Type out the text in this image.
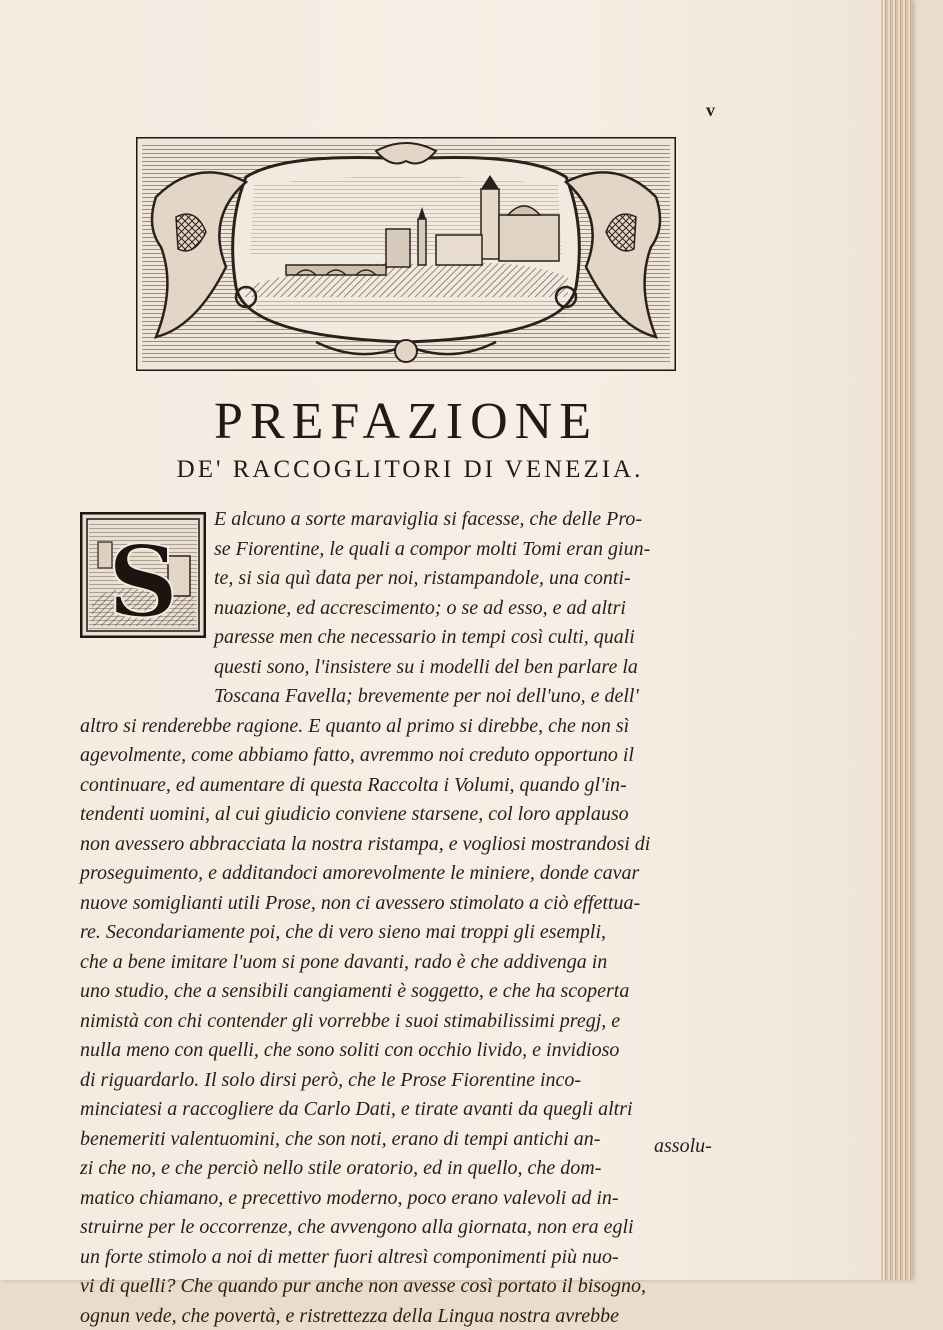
v
PREFAZIONE
DE' RACCOGLITORI DI VENEZIA.
S
E alcuno a sorte maraviglia si facesse, che delle Pro-
se Fiorentine, le quali a compor molti Tomi eran giun-
te, si sia quì data per noi, ristampandole, una conti-
nuazione, ed accrescimento; o se ad esso, e ad altri
paresse men che necessario in tempi così culti, quali
questi sono, l'insistere su i modelli del ben parlare la
Toscana Favella; brevemente per noi dell'uno, e dell'
altro si renderebbe ragione. E quanto al primo si direbbe, che non sì
agevolmente, come abbiamo fatto, avremmo noi creduto opportuno il
continuare, ed aumentare di questa Raccolta i Volumi, quando gl'in-
tendenti uomini, al cui giudicio conviene starsene, col loro applauso
non avessero abbracciata la nostra ristampa, e vogliosi mostrandosi di
proseguimento, e additandoci amorevolmente le miniere, donde cavar
nuove somiglianti utili Prose, non ci avessero stimolato a ciò effettua-
re. Secondariamente poi, che di vero sieno mai troppi gli esempli,
che a bene imitare l'uom si pone davanti, rado è che addivenga in
uno studio, che a sensibili cangiamenti è soggetto, e che ha scoperta
nimistà con chi contender gli vorrebbe i suoi stimabilissimi pregj, e
nulla meno con quelli, che sono soliti con occhio livido, e invidioso
di riguardarlo. Il solo dirsi però, che le Prose Fiorentine inco-
minciatesi a raccogliere da Carlo Dati, e tirate avanti da quegli altri
benemeriti valentuomini, che son noti, erano di tempi antichi an-
zi che no, e che perciò nello stile oratorio, ed in quello, che dom-
matico chiamano, e precettivo moderno, poco erano valevoli ad in-
struirne per le occorrenze, che avvengono alla giornata, non era egli
un forte stimolo a noi di metter fuori altresì componimenti più nuo-
vi di quelli? Che quando pur anche non avesse così portato il bisogno,
ognun vede, che povertà, e ristrettezza della Lingua nostra avrebbe
assolu-
